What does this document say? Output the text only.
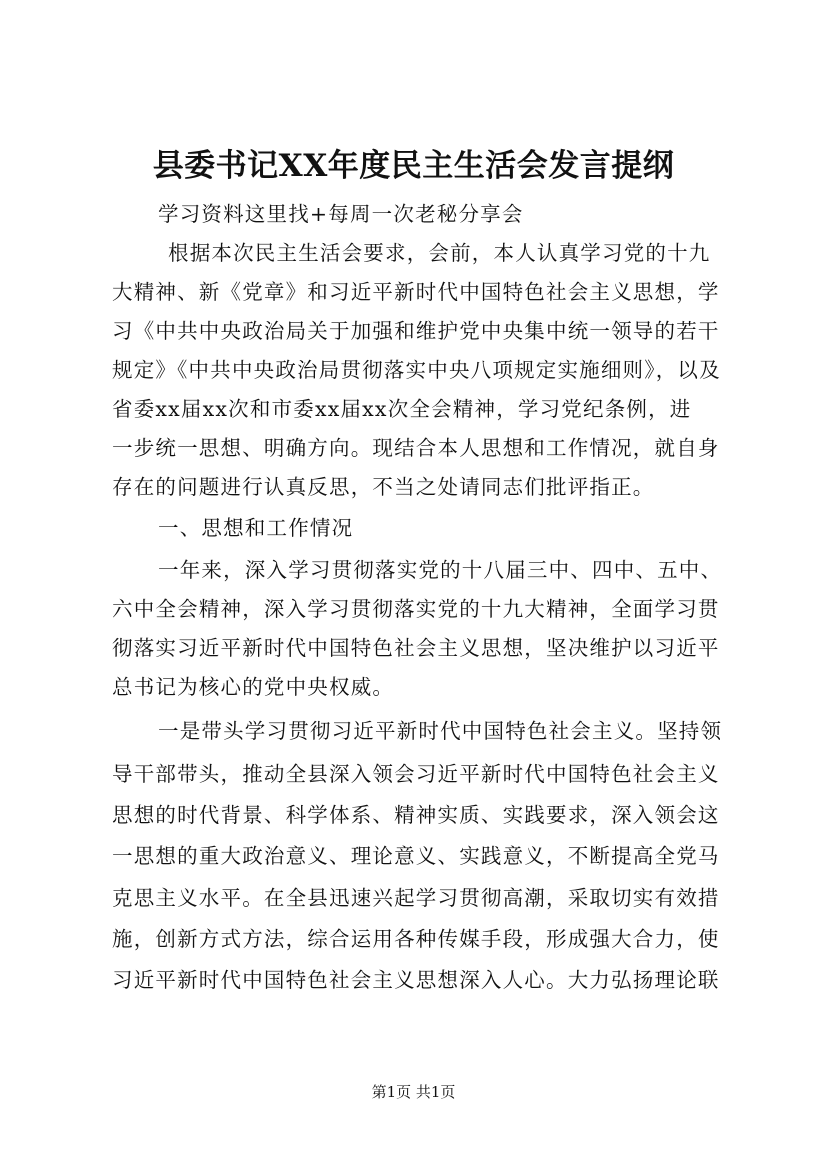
县委书记XX年度民主生活会发言提纲
学习资料这里找+每周一次老秘分享会
根据本次民主生活会要求，会前，本人认真学习党的十九
大精神、新《党章》和习近平新时代中国特色社会主义思想，学
习《中共中央政治局关于加强和维护党中央集中统一领导的若干
规定》《中共中央政治局贯彻落实中央八项规定实施细则》，以及
省委xx届xx次和市委xx届xx次全会精神，学习党纪条例，进
一步统一思想、明确方向。现结合本人思想和工作情况，就自身
存在的问题进行认真反思，不当之处请同志们批评指正。
一、思想和工作情况
一年来，深入学习贯彻落实党的十八届三中、四中、五中、
六中全会精神，深入学习贯彻落实党的十九大精神，全面学习贯
彻落实习近平新时代中国特色社会主义思想，坚决维护以习近平
总书记为核心的党中央权威。
一是带头学习贯彻习近平新时代中国特色社会主义。坚持领
导干部带头，推动全县深入领会习近平新时代中国特色社会主义
思想的时代背景、科学体系、精神实质、实践要求，深入领会这
一思想的重大政治意义、理论意义、实践意义，不断提高全党马
克思主义水平。在全县迅速兴起学习贯彻高潮，采取切实有效措
施，创新方式方法，综合运用各种传媒手段，形成强大合力，使
习近平新时代中国特色社会主义思想深入人心。大力弘扬理论联
第1页 共1页
